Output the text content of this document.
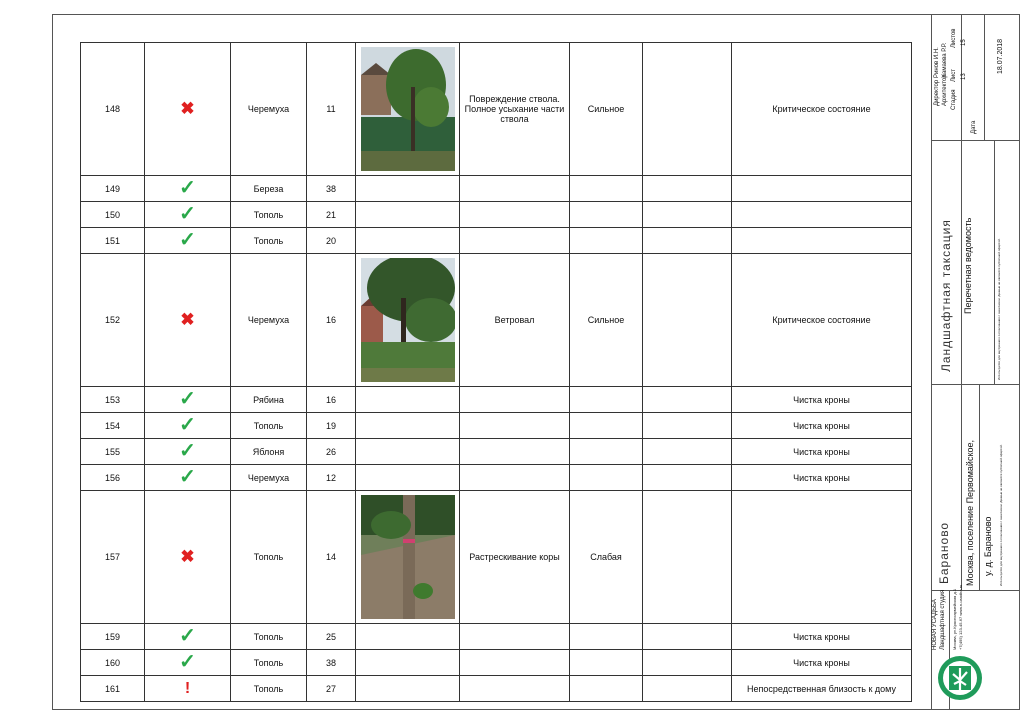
148	✖	Черемуха	11		Повреждение ствола. Полное усыхание части ствола	Сильное		Критическое состояние
149	✓	Береза	38					
150	✓	Тополь	21					
151	✓	Тополь	20					
152	✖	Черемуха	16		Ветровал	Сильное		Критическое состояние
153	✓	Рябина	16					Чистка кроны
154	✓	Тополь	19					Чистка кроны
155	✓	Яблоня	26					Чистка кроны
156	✓	Черемуха	12					Чистка кроны
157	✖	Тополь	14		Растрескивание коры	Слабая		
159	✓	Тополь	25					Чистка кроны
160	✓	Тополь	38					Чистка кроны
161	!	Тополь	27					Непосредственная близость к дому
Директор
Ринов И.Н.
Архитектор
Хамаева Р.Р.
Стадия
Лист
Листов
13
15
Дата
18.07.2018
Ландшафтная таксация Перечетная ведомость	Используется для внутреннего согласования с заказчиком. Данные не являются публичной офертой.
Бараново Москва, поселение Первомайское, у. д. Бараново Используется для внутреннего согласования с заказчиком. Данные не являются публичной офертой.
НОВАЯ УСАДЬБА Ландшафтная студия Москва, ул.Красноармейская д.1 +7(495) 123-45-67 www.n-usadba.ru
